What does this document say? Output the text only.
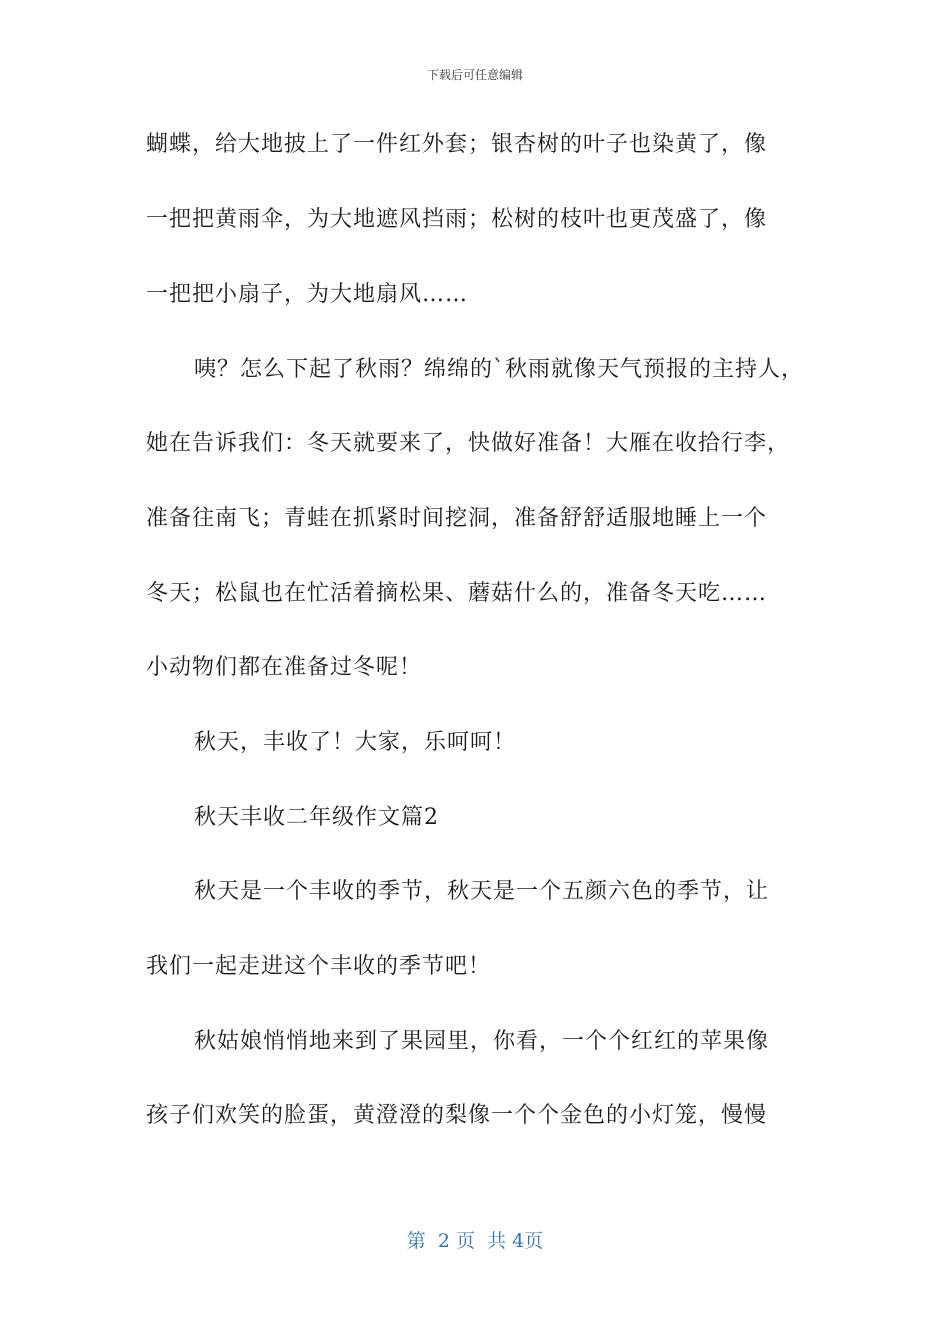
下载后可任意编辑
蝴蝶，给大地披上了一件红外套；银杏树的叶子也染黄了，像
一把把黄雨伞，为大地遮风挡雨；松树的枝叶也更茂盛了，像
一把把小扇子，为大地扇风……
咦？怎么下起了秋雨？绵绵的`秋雨就像天气预报的主持人，
她在告诉我们：冬天就要来了，快做好准备！大雁在收拾行李，
准备往南飞；青蛙在抓紧时间挖洞，准备舒舒适服地睡上一个
冬天；松鼠也在忙活着摘松果、蘑菇什么的，准备冬天吃……
小动物们都在准备过冬呢！
秋天，丰收了！大家，乐呵呵！
秋天丰收二年级作文篇2
秋天是一个丰收的季节，秋天是一个五颜六色的季节，让
我们一起走进这个丰收的季节吧！
秋姑娘悄悄地来到了果园里，你看，一个个红红的苹果像
孩子们欢笑的脸蛋，黄澄澄的梨像一个个金色的小灯笼，慢慢
第  2 页  共 4页
